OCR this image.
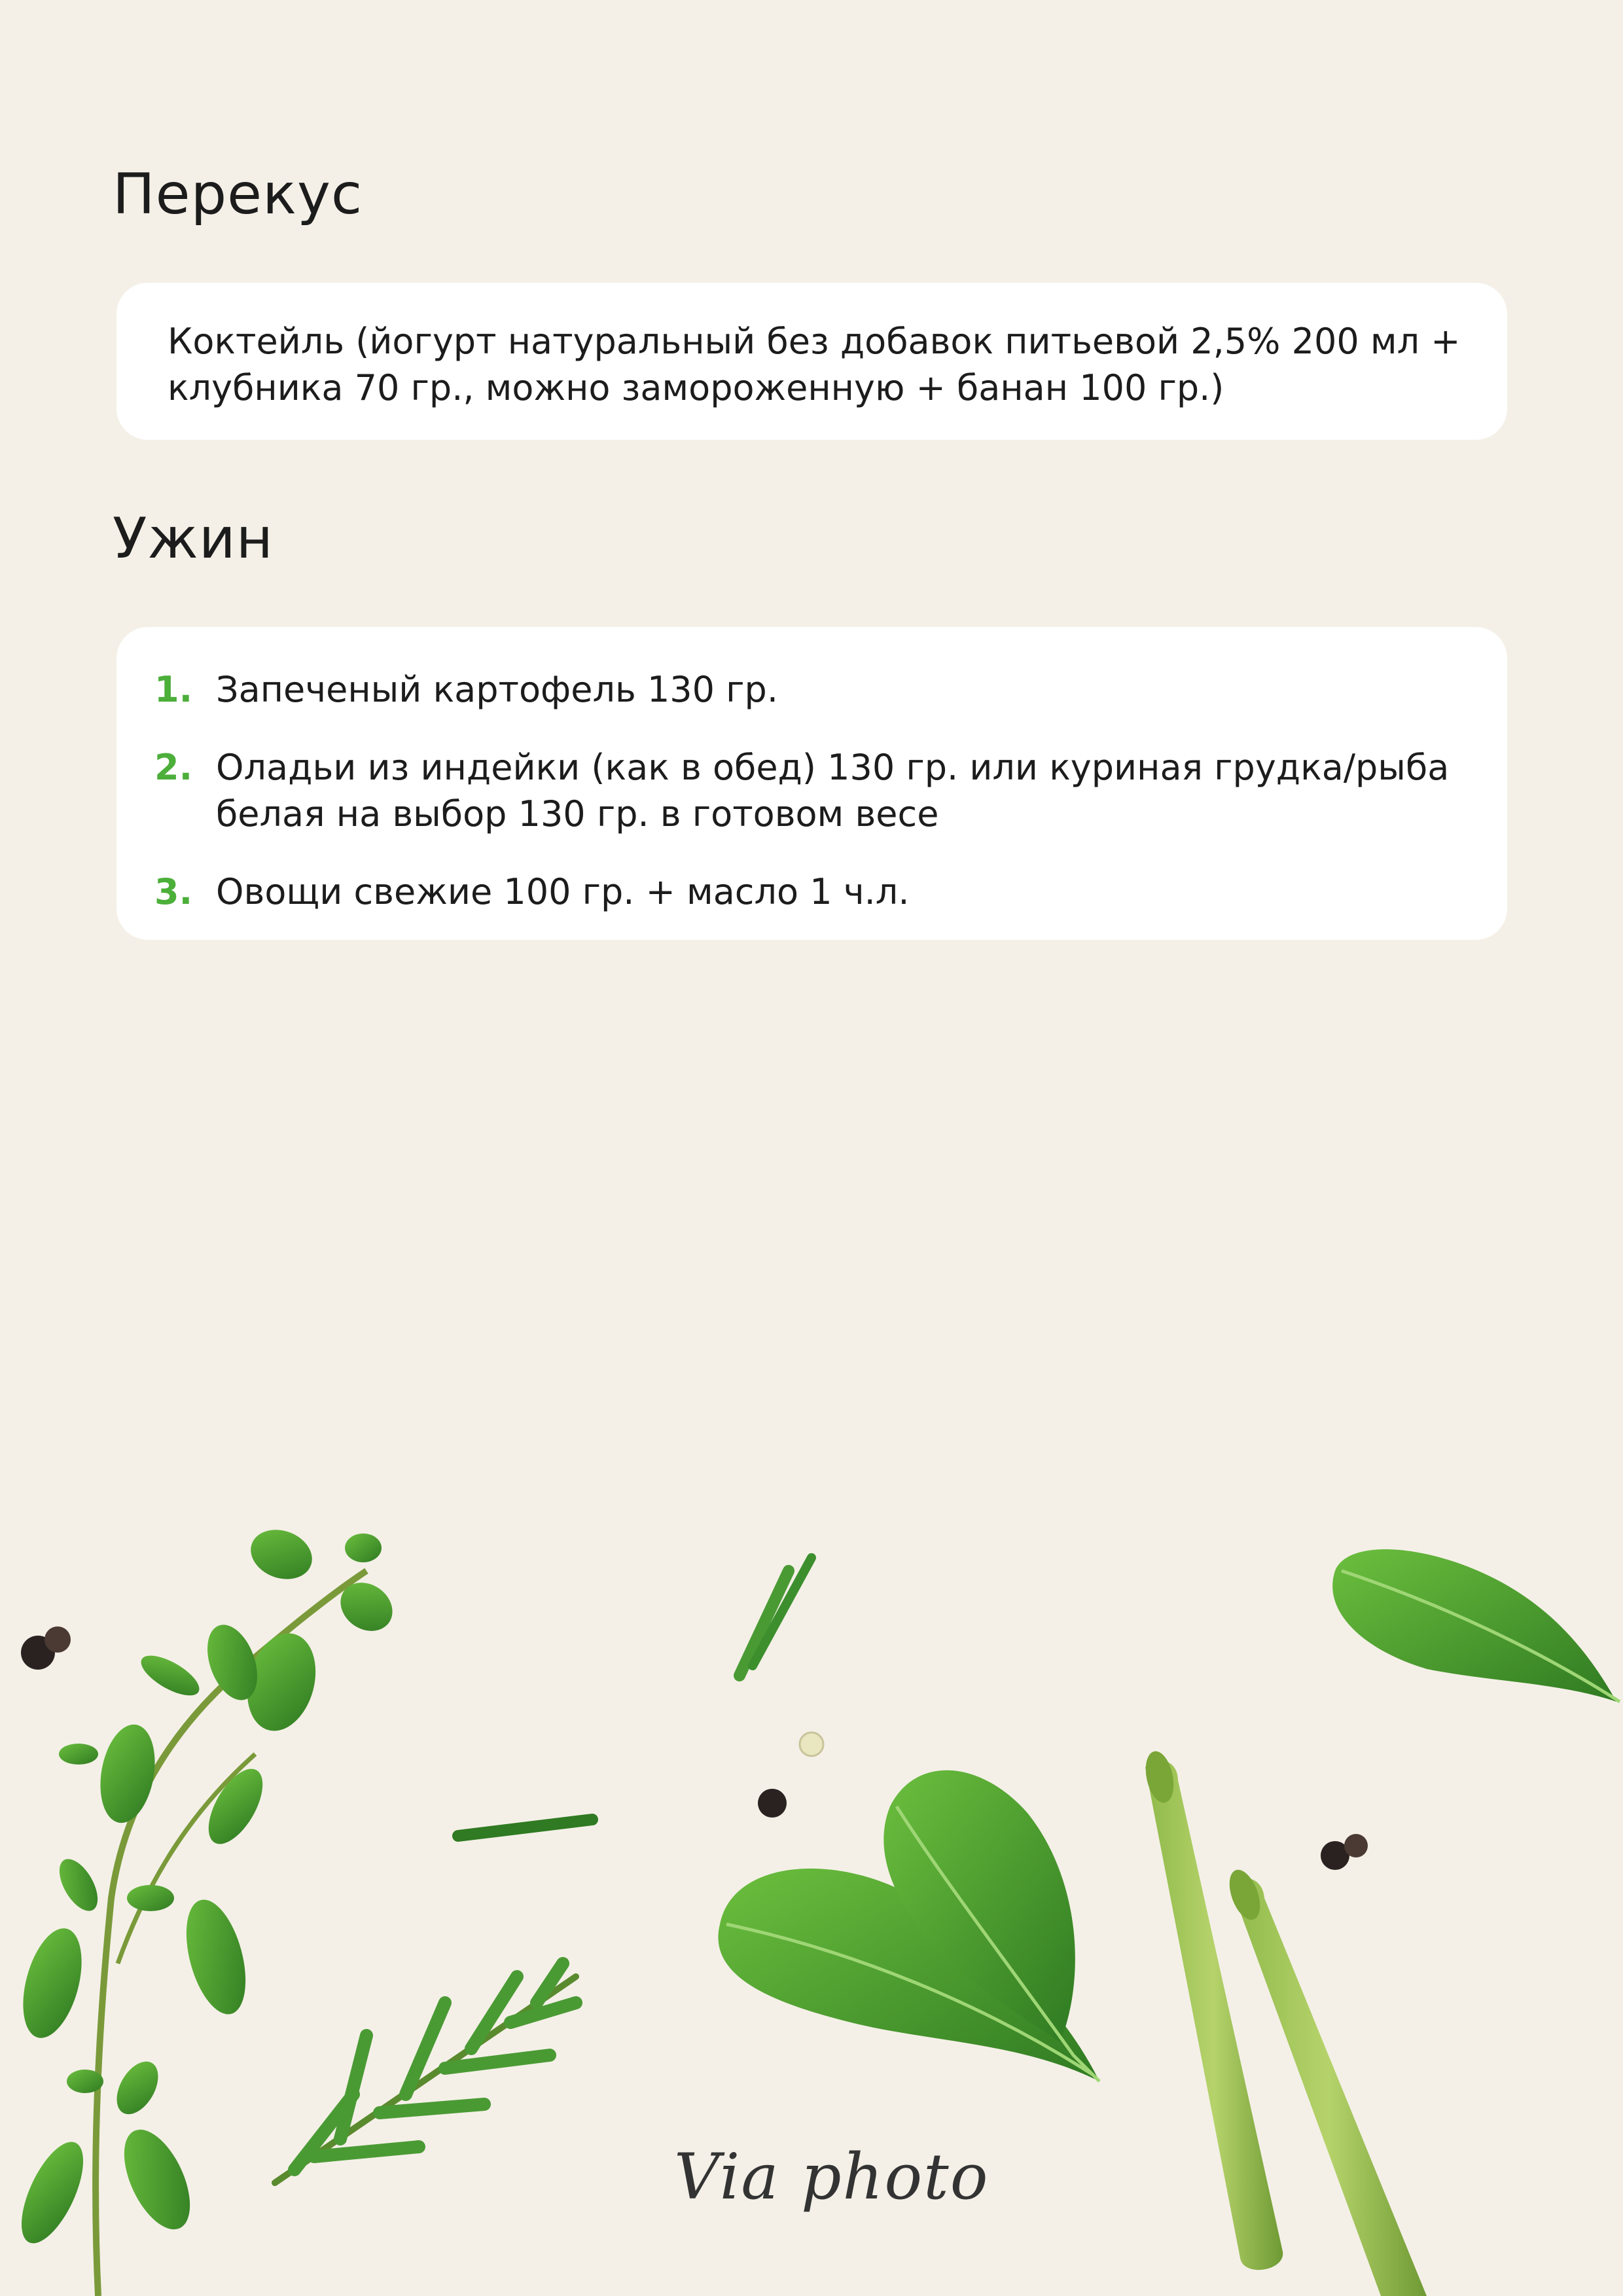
Перекус

Коктейль (йогурт натуральный без добавок питьевой 2,5% 200 мл + клубника 70 гр., можно замороженную + банан 100 гр.)

Ужин
1. Запеченый картофель 130 гр.
2. Оладьи из индейки (как в обед) 130 гр. или куриная грудка/рыба белая на выбор 130 гр. в готовом весе
3. Овощи свежие 100 гр. + масло 1 ч.л.
Via photo
